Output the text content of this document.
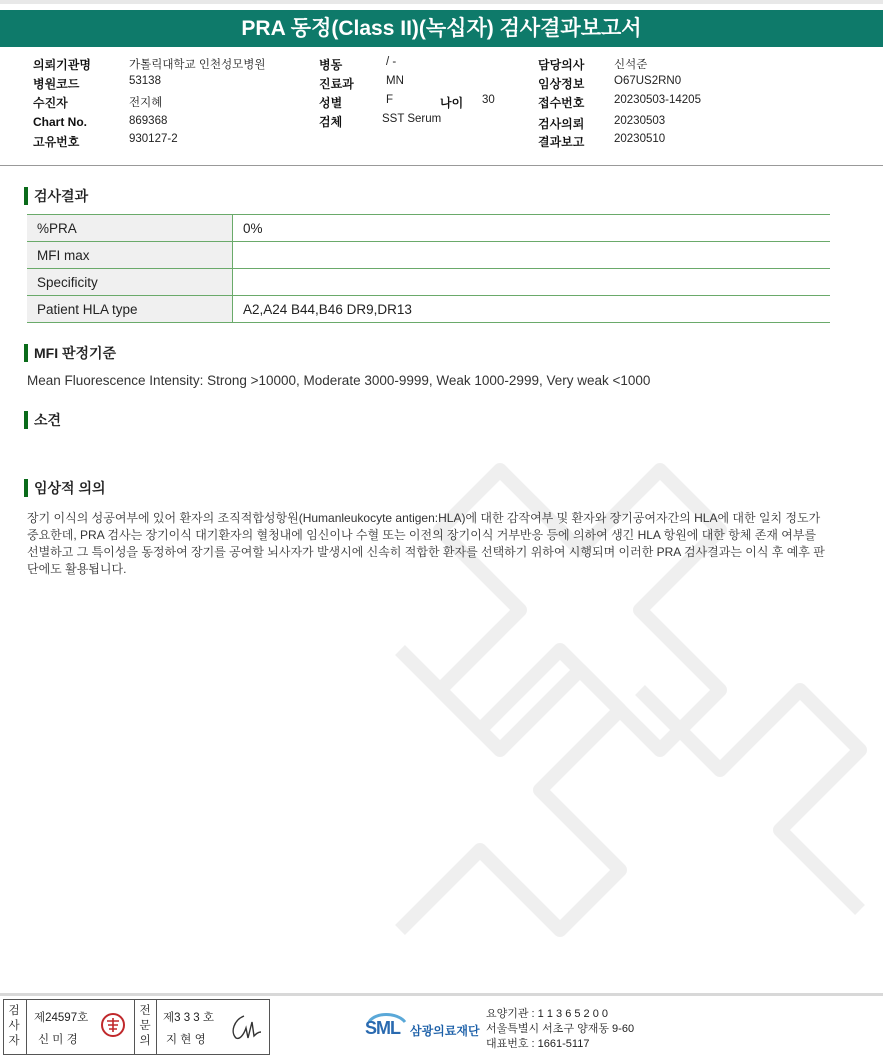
PRA 동정(Class II)(녹십자) 검사결과보고서
의뢰기관명	가톨릭대학교 인천성모병원
병원코드	53138
수진자	전지혜
Chart No.	869368
고유번호	930127-2
병동	/ -
진료과	MN
성별	F	나이 30
검체	SST Serum
담당의사	신석준
임상정보	O67US2RN0
접수번호	20230503-14205
검사의뢰	20230503
결과보고	20230510
검사결과
%PRA	0%
MFI max	
Specificity	
Patient HLA type	A2,A24 B44,B46 DR9,DR13
MFI 판정기준
Mean Fluorescence Intensity: Strong >10000, Moderate 3000-9999, Weak 1000-2999, Very weak <1000
소견
임상적 의의
장기 이식의 성공여부에 있어 환자의 조직적합성항원(Humanleukocyte antigen:HLA)에 대한 감작여부 및 환자와 장기공여자간의 HLA에 대한 일치 정도가 중요한데, PRA 검사는 장기이식 대기환자의 혈청내에 임신이나 수혈 또는 이전의 장기이식 거부반응 등에 의하여 생긴 HLA 항원에 대한 항체 존재 여부를 선별하고 그 특이성을 동정하여 장기를 공여할 뇌사자가 발생시에 신속히 적합한 환자를 선택하기 위하여 시행되며 이러한 PRA 검사결과는 이식 후 예후 판단에도 활용됩니다.
검사자
제24597호
신 미 경
전문의
제3 3 3 호
지 현 영
SML 삼광의료재단
요양기관 : 1 1 3 6 5 2 0 0
서울특별시 서초구 양재동 9-60
대표번호 : 1661-5117
